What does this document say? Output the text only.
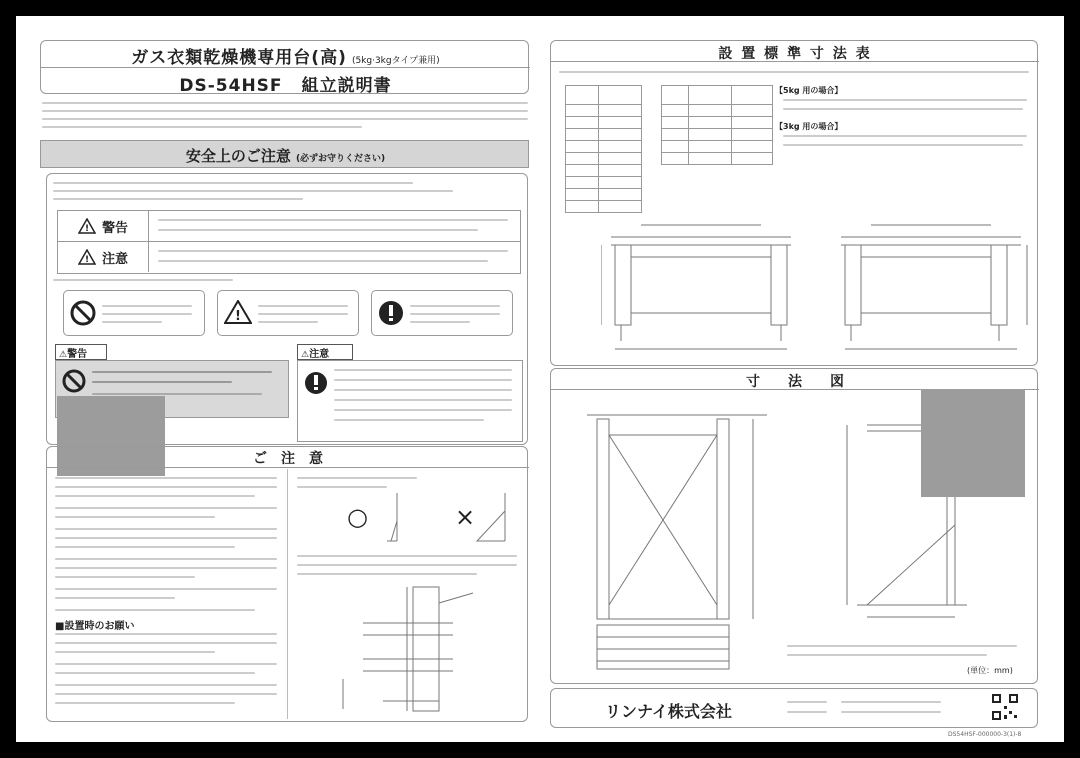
ガス衣類乾燥機専用台(高) (5kg·3kgタイプ兼用)
DS-54HSF 組立説明書
安全上のご注意 (必ずお守りください)
! 警告
! 注意
!
⚠警告	⚠注意
ご　注　意
■設置時のお願い
○	×
設 置 標 準 寸 法 表

【5kg 用の場合】
【3kg 用の場合】
寸　　法　　図
(単位：mm)
リンナイ株式会社
DS54HSF-000000-3(1)-8
